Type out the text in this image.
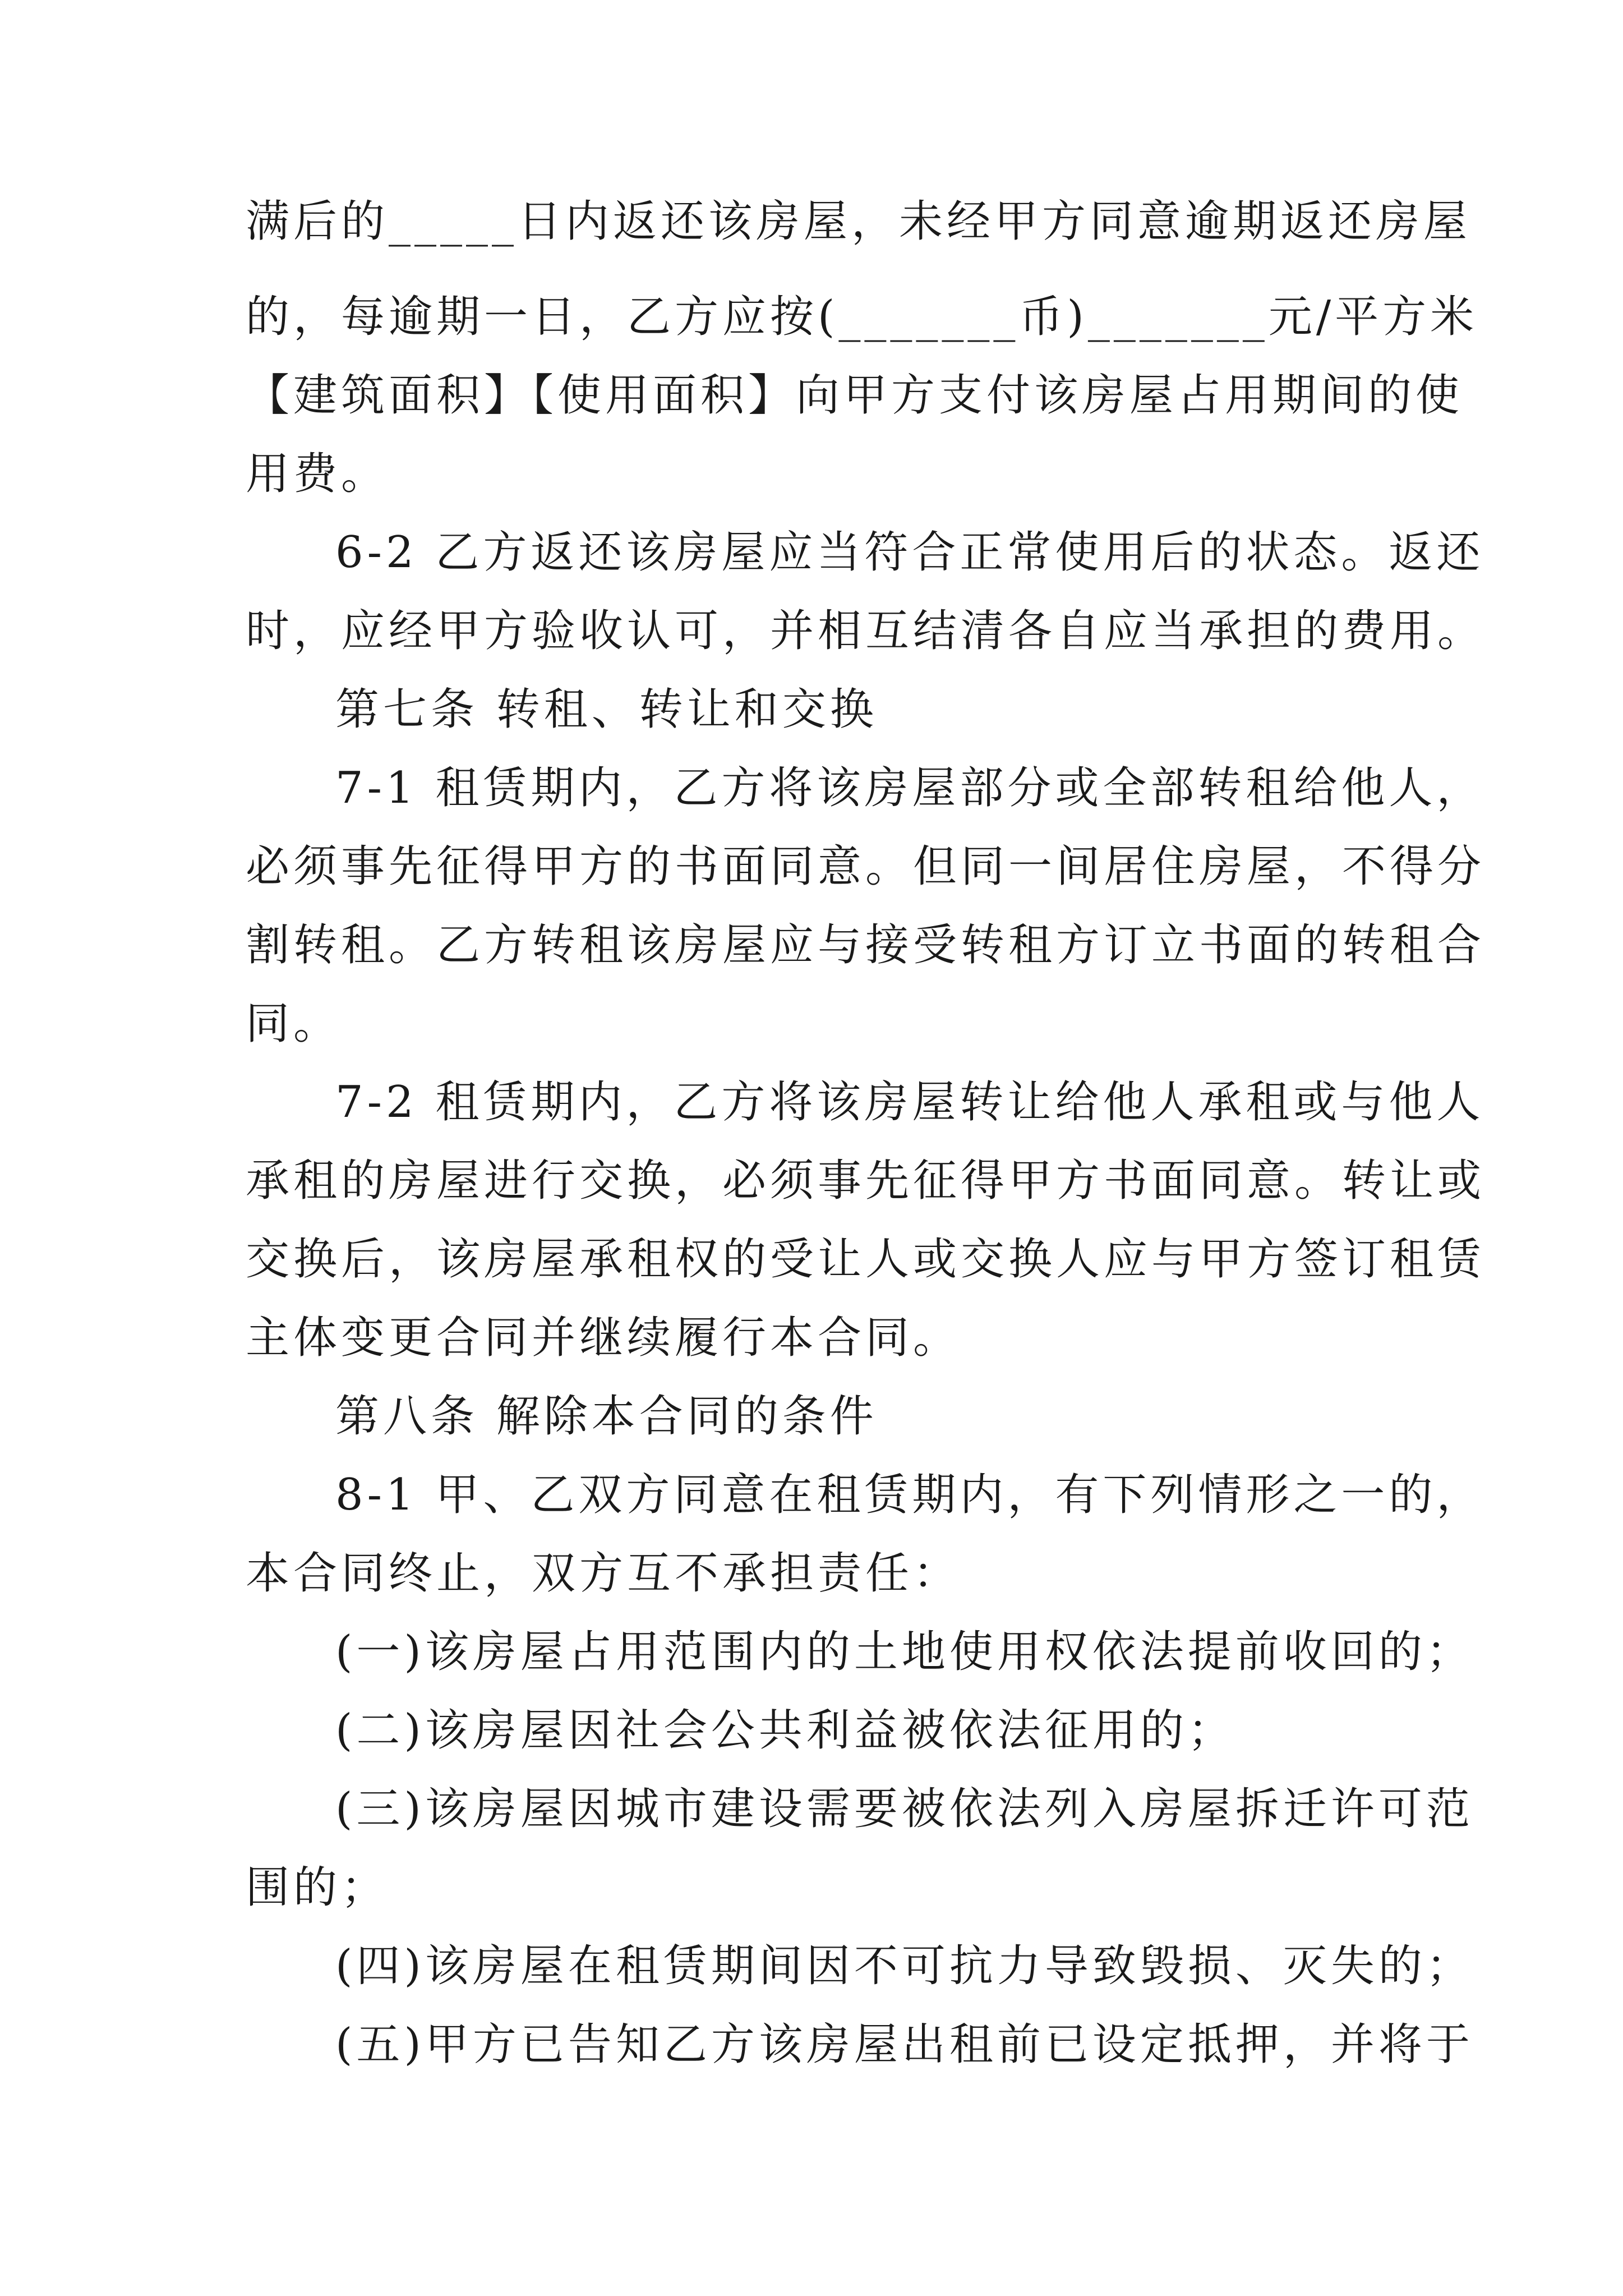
满后的_____日内返还该房屋，未经甲方同意逾期返还房屋
的，每逾期一日，乙方应按(_______币)_______元/平方米
【建筑面积】【使用面积】向甲方支付该房屋占用期间的使
用费。
6-2 乙方返还该房屋应当符合正常使用后的状态。返还
时，应经甲方验收认可，并相互结清各自应当承担的费用。
第七条 转租、转让和交换
7-1 租赁期内，乙方将该房屋部分或全部转租给他人，
必须事先征得甲方的书面同意。但同一间居住房屋，不得分
割转租。乙方转租该房屋应与接受转租方订立书面的转租合
同。
7-2 租赁期内，乙方将该房屋转让给他人承租或与他人
承租的房屋进行交换，必须事先征得甲方书面同意。转让或
交换后，该房屋承租权的受让人或交换人应与甲方签订租赁
主体变更合同并继续履行本合同。
第八条 解除本合同的条件
8-1 甲、乙双方同意在租赁期内，有下列情形之一的，
本合同终止，双方互不承担责任：
(一)该房屋占用范围内的土地使用权依法提前收回的；
(二)该房屋因社会公共利益被依法征用的；
(三)该房屋因城市建设需要被依法列入房屋拆迁许可范
围的；
(四)该房屋在租赁期间因不可抗力导致毁损、灭失的；
(五)甲方已告知乙方该房屋出租前已设定抵押，并将于
